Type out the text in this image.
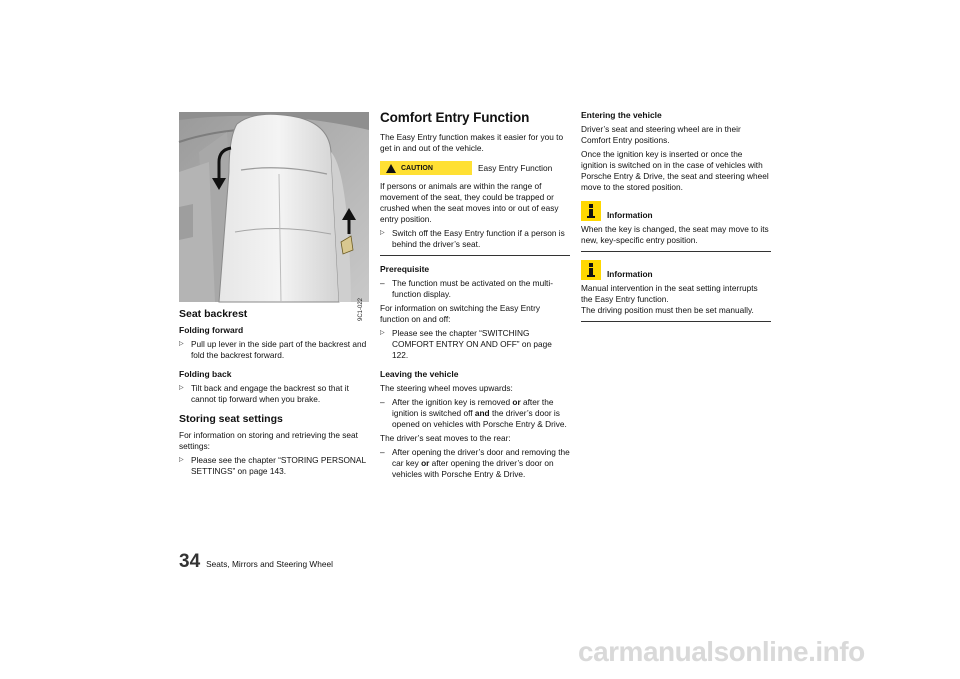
9C1-022
Seat backrest
Folding forward
▷ Pull up lever in the side part of the backrest and fold the backrest forward.
Folding back
▷ Tilt back and engage the backrest so that it cannot tip forward when you brake.
Storing seat settings

For information on storing and retrieving the seat settings:

▷ Please see the chapter “STORING PERSONAL SETTINGS” on page 143.
Comfort Entry Function

The Easy Entry function makes it easier for you to get in and out of the vehicle.

CAUTION	Easy Entry Function

If persons or animals are within the range of movement of the seat, they could be trapped or crushed when the seat moves into or out of easy entry position.

▷ Switch off the Easy Entry function if a person is behind the driver’s seat.
Prerequisite
– The function must be activated on the multi-function display.

For information on switching the Easy Entry function on and off:

▷ Please see the chapter “SWITCHING COMFORT ENTRY ON AND OFF” on page 122.
Leaving the vehicle

The steering wheel moves upwards:

– After the ignition key is removed or after the ignition is switched off and the driver’s door is opened on vehicles with Porsche Entry & Drive.

The driver’s seat moves to the rear:

– After opening the driver’s door and removing the car key or after opening the driver’s door on vehicles with Porsche Entry & Drive.
Entering the vehicle

Driver’s seat and steering wheel are in their Comfort Entry positions.

Once the ignition key is inserted or once the ignition is switched on in the case of vehicles with Porsche Entry & Drive, the seat and steering wheel move to the stored position.

Information

When the key is changed, the seat may move to its new, key-specific entry position.

Information

Manual intervention in the seat setting interrupts the Easy Entry function.

The driving position must then be set manually.

34 Seats, Mirrors and Steering Wheel
carmanualsonline.info
